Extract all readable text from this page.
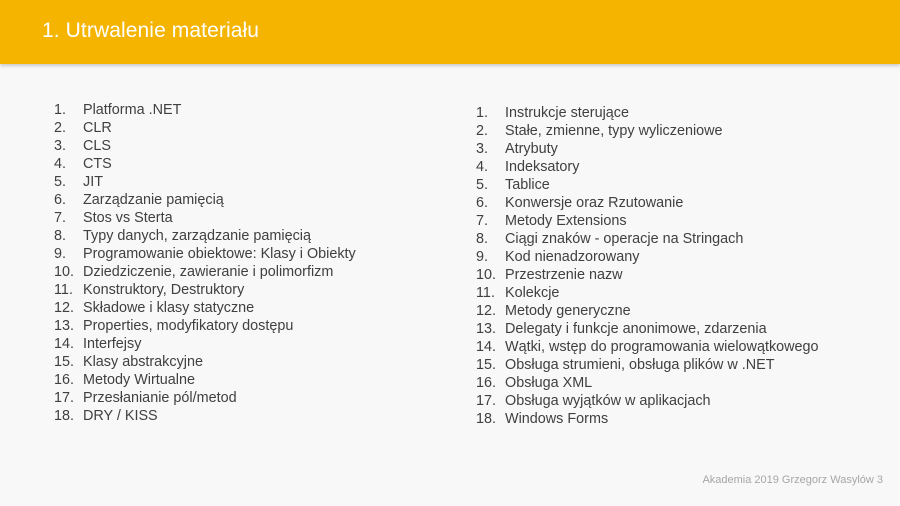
1. Utrwalenie materiału
1.	Platforma .NET
2.	CLR
3.	CLS
4.	CTS
5.	JIT
6.	Zarządzanie pamięcią
7.	Stos vs Sterta
8.	Typy danych, zarządzanie pamięcią
9.	Programowanie obiektowe: Klasy i Obiekty
10. Dziedziczenie, zawieranie i polimorfizm
11. Konstruktory, Destruktory
12. Składowe i klasy statyczne
13. Properties, modyfikatory dostępu
14. Interfejsy
15. Klasy abstrakcyjne
16. Metody Wirtualne
17. Przesłanianie pól/metod
18. DRY / KISS
1.	Instrukcje sterujące
2.	Stałe, zmienne, typy wyliczeniowe
3.	Atrybuty
4.	Indeksatory
5.	Tablice
6.	Konwersje oraz Rzutowanie
7.	Metody Extensions
8.	Ciągi znaków - operacje na Stringach
9.	Kod nienadzorowany
10. Przestrzenie nazw
11. Kolekcje
12. Metody generyczne
13. Delegaty i funkcje anonimowe, zdarzenia
14. Wątki, wstęp do programowania wielowątkowego
15. Obsługa strumieni, obsługa plików w .NET
16. Obsługa XML
17. Obsługa wyjątków w aplikacjach
18. Windows Forms
Akademia 2019 Grzegorz Wasylów 3
